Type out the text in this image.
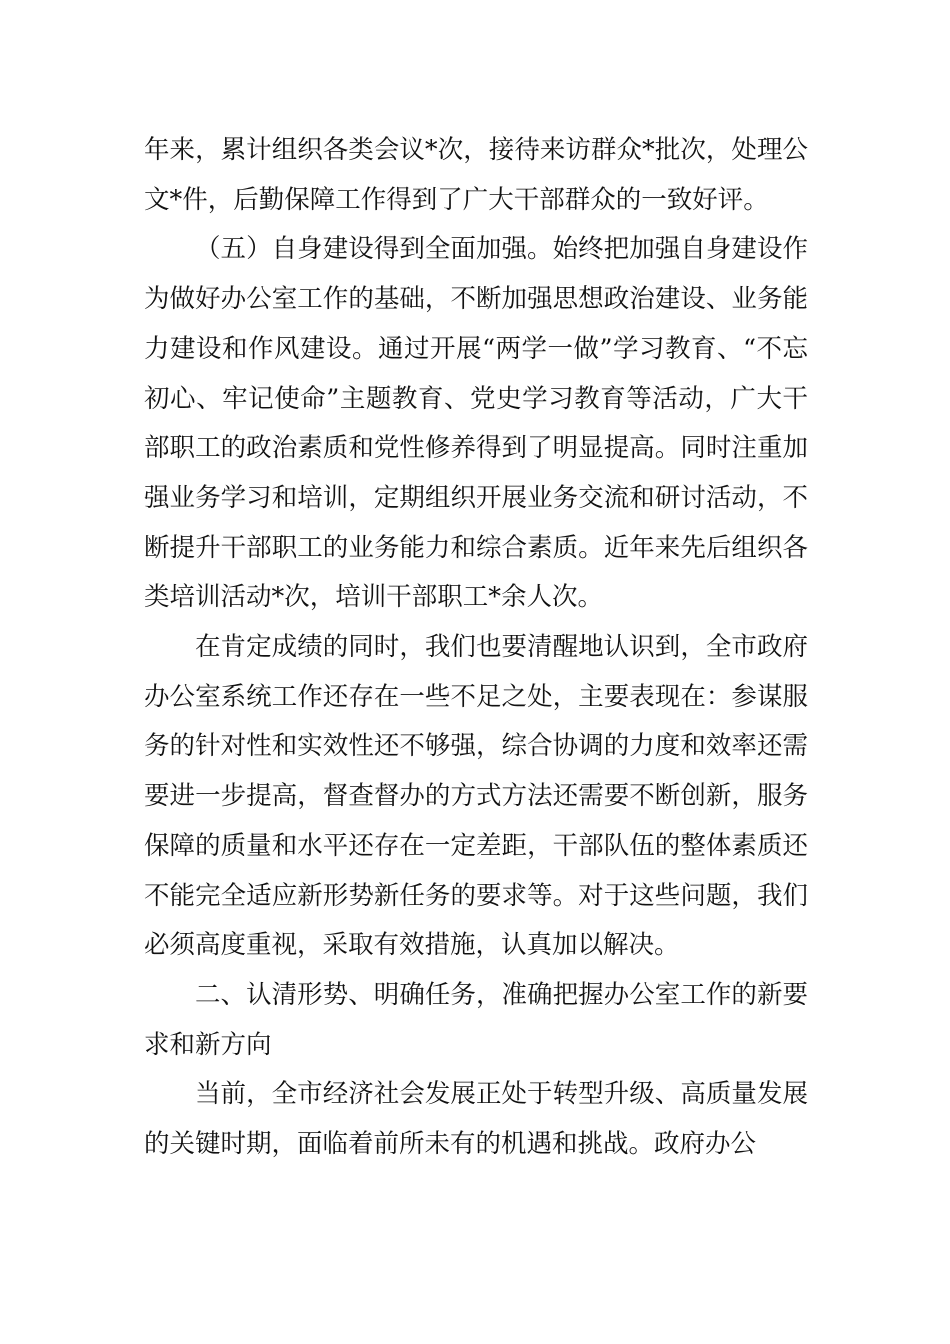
年来，累计组织各类会议*次，接待来访群众*批次，处理公文*件，后勤保障工作得到了广大干部群众的一致好评。

（五）自身建设得到全面加强。始终把加强自身建设作为做好办公室工作的基础，不断加强思想政治建设、业务能力建设和作风建设。通过开展“两学一做”学习教育、“不忘初心、牢记使命”主题教育、党史学习教育等活动，广大干部职工的政治素质和党性修养得到了明显提高。同时注重加强业务学习和培训，定期组织开展业务交流和研讨活动，不断提升干部职工的业务能力和综合素质。近年来先后组织各类培训活动*次，培训干部职工*余人次。

在肯定成绩的同时，我们也要清醒地认识到，全市政府办公室系统工作还存在一些不足之处，主要表现在：参谋服务的针对性和实效性还不够强，综合协调的力度和效率还需要进一步提高，督查督办的方式方法还需要不断创新，服务保障的质量和水平还存在一定差距，干部队伍的整体素质还不能完全适应新形势新任务的要求等。对于这些问题，我们必须高度重视，采取有效措施，认真加以解决。

二、认清形势、明确任务，准确把握办公室工作的新要求和新方向

当前，全市经济社会发展正处于转型升级、高质量发展的关键时期，面临着前所未有的机遇和挑战。政府办公
